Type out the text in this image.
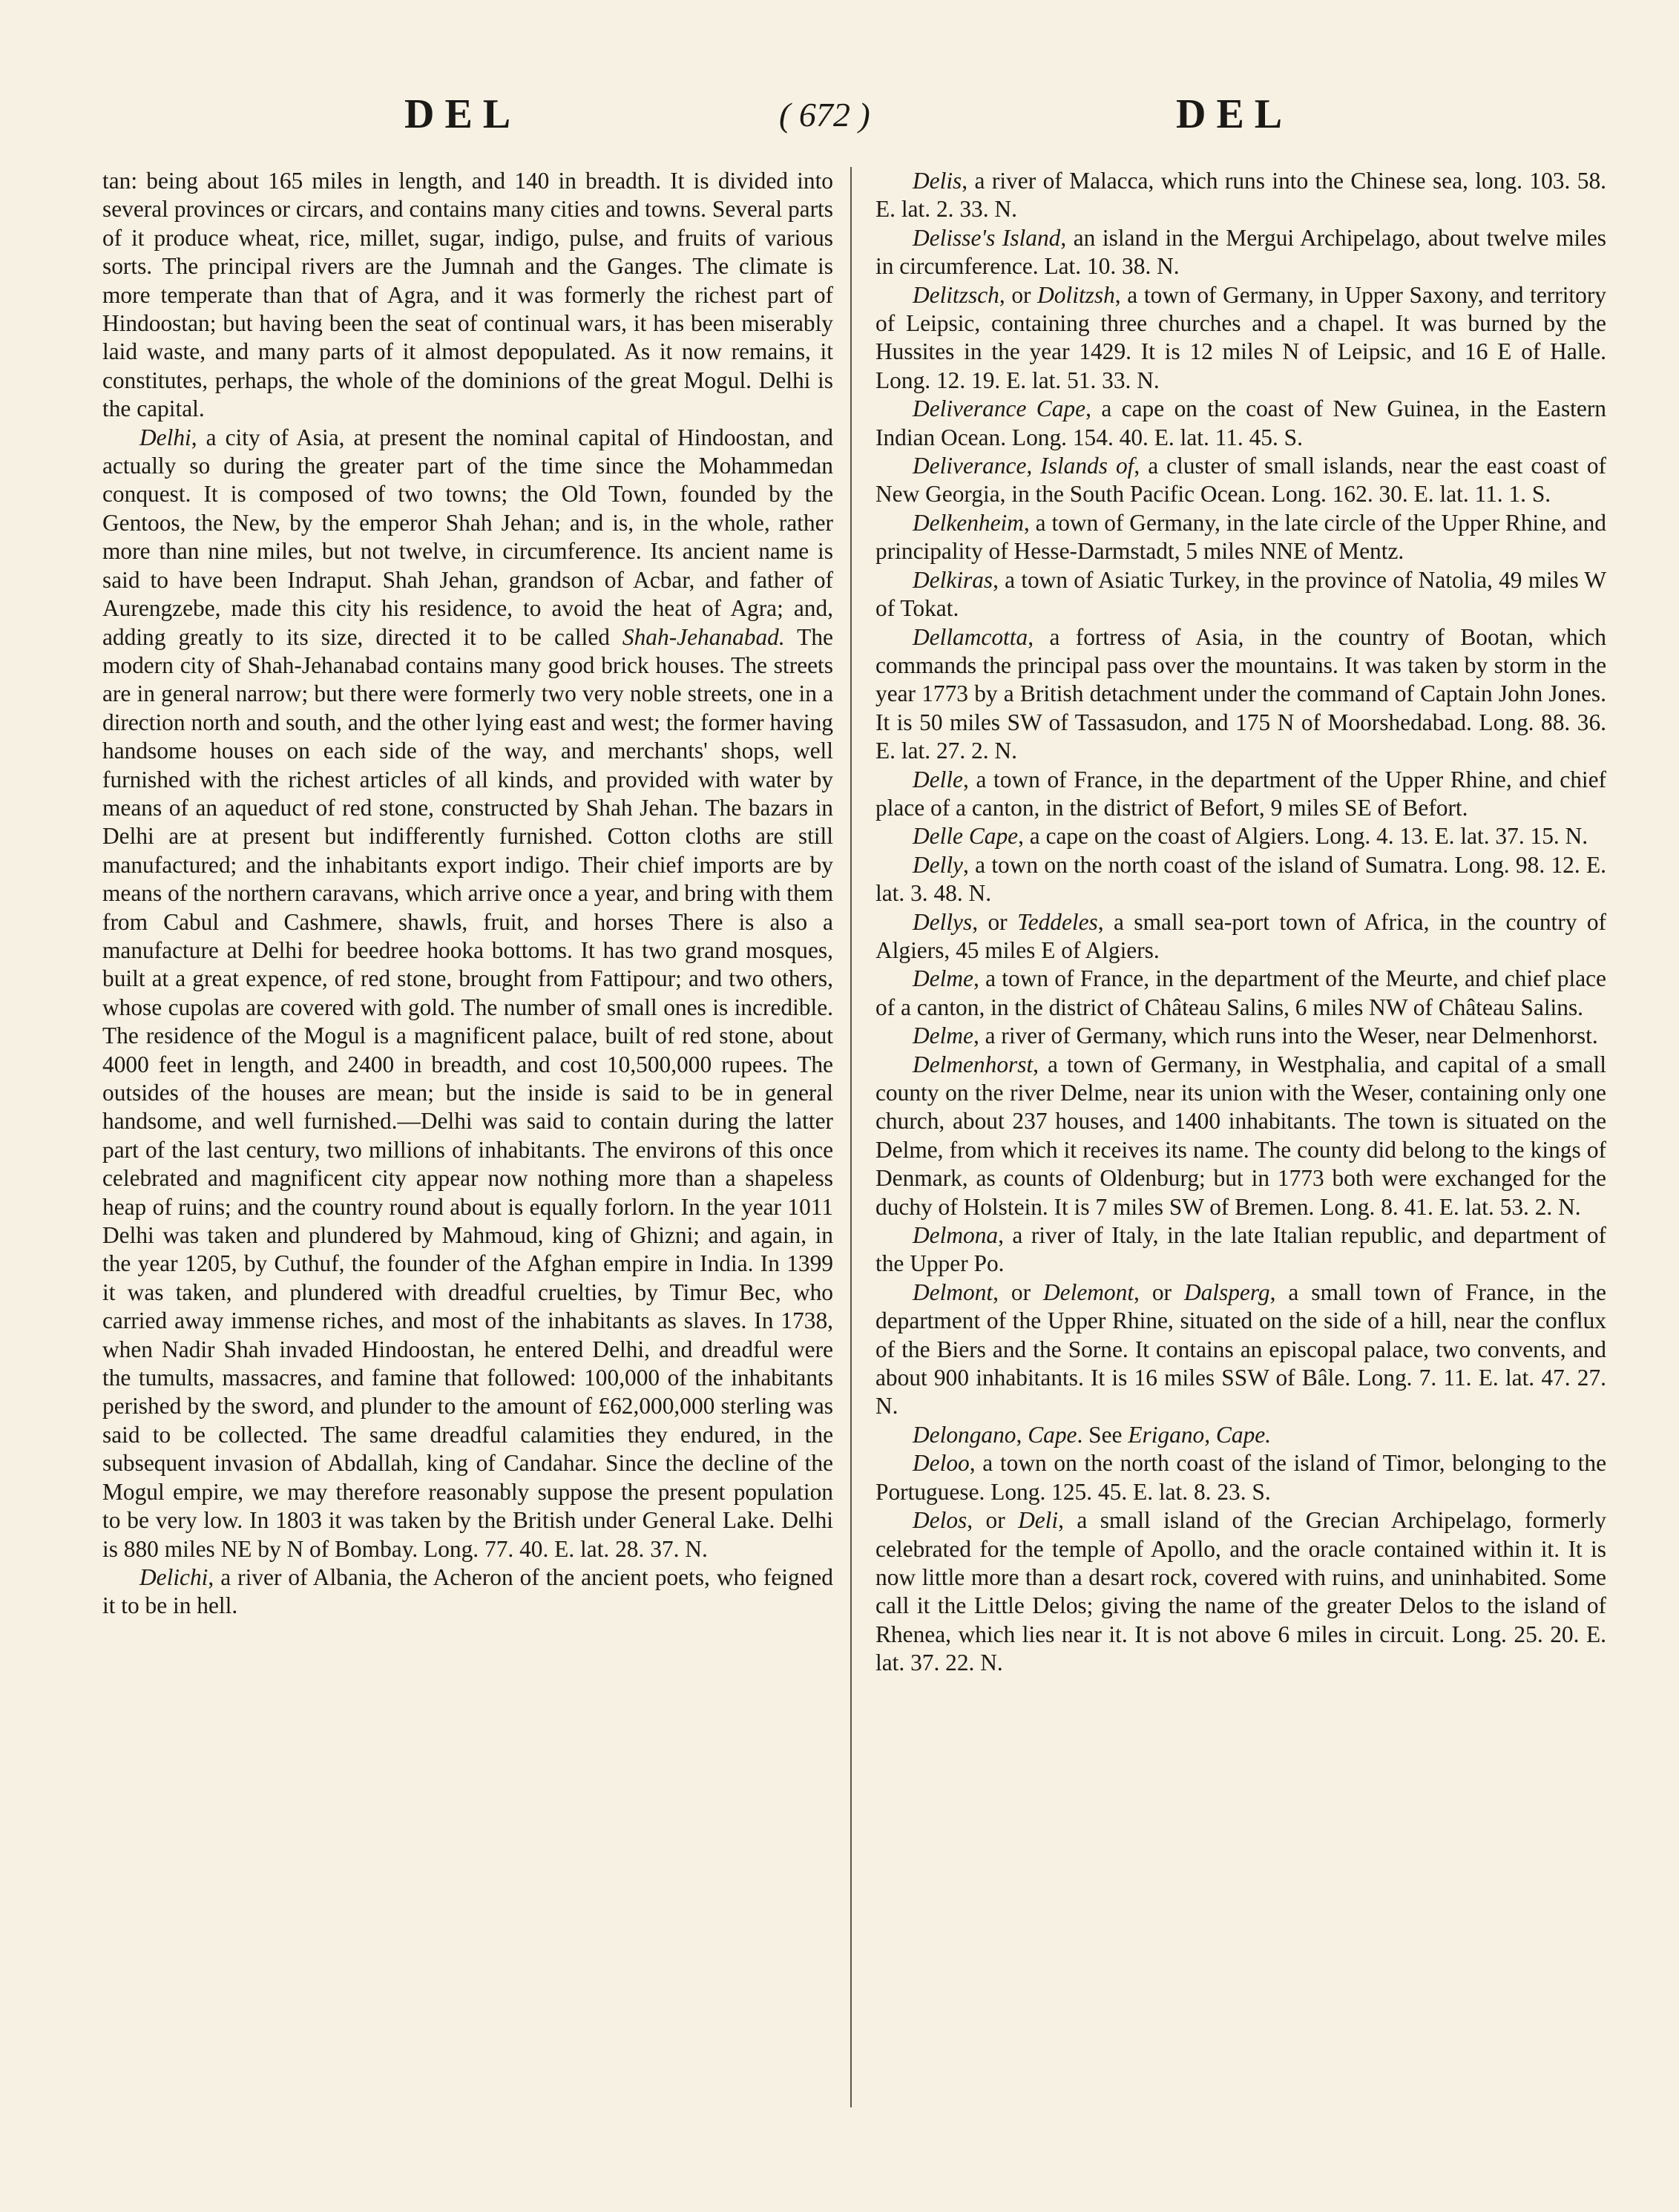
DEL	( 672 )	DEL

tan: being about 165 miles in length, and 140 in breadth. It is divided into several provinces or circars, and contains many cities and towns. Several parts of it produce wheat, rice, millet, sugar, indigo, pulse, and fruits of various sorts. The principal rivers are the Jumnah and the Ganges. The climate is more temperate than that of Agra, and it was formerly the richest part of Hindoostan; but having been the seat of continual wars, it has been miserably laid waste, and many parts of it almost depopulated. As it now remains, it constitutes, perhaps, the whole of the dominions of the great Mogul. Delhi is the capital.

Delhi, a city of Asia, at present the nominal capital of Hindoostan, and actually so during the greater part of the time since the Mohammedan conquest. It is composed of two towns; the Old Town, founded by the Gentoos, the New, by the emperor Shah Jehan; and is, in the whole, rather more than nine miles, but not twelve, in circumference. Its ancient name is said to have been Indraput. Shah Jehan, grandson of Acbar, and father of Aurengzebe, made this city his residence, to avoid the heat of Agra; and, adding greatly to its size, directed it to be called Shah-Jehanabad. The modern city of Shah-Jehanabad contains many good brick houses. The streets are in general narrow; but there were formerly two very noble streets, one in a direction north and south, and the other lying east and west; the former having handsome houses on each side of the way, and merchants' shops, well furnished with the richest articles of all kinds, and provided with water by means of an aqueduct of red stone, constructed by Shah Jehan. The bazars in Delhi are at present but indifferently furnished. Cotton cloths are still manufactured; and the inhabitants export indigo. Their chief imports are by means of the northern caravans, which arrive once a year, and bring with them from Cabul and Cashmere, shawls, fruit, and horses There is also a manufacture at Delhi for beedree hooka bottoms. It has two grand mosques, built at a great expence, of red stone, brought from Fattipour; and two others, whose cupolas are covered with gold. The number of small ones is incredible. The residence of the Mogul is a magnificent palace, built of red stone, about 4000 feet in length, and 2400 in breadth, and cost 10,500,000 rupees. The outsides of the houses are mean; but the inside is said to be in general handsome, and well furnished.—Delhi was said to contain during the latter part of the last century, two millions of inhabitants. The environs of this once celebrated and magnificent city appear now nothing more than a shapeless heap of ruins; and the country round about is equally forlorn. In the year 1011 Delhi was taken and plundered by Mahmoud, king of Ghizni; and again, in the year 1205, by Cuthuf, the founder of the Afghan empire in India. In 1399 it was taken, and plundered with dreadful cruelties, by Timur Bec, who carried away immense riches, and most of the inhabitants as slaves. In 1738, when Nadir Shah invaded Hindoostan, he entered Delhi, and dreadful were the tumults, massacres, and famine that followed: 100,000 of the inhabitants perished by the sword, and plunder to the amount of £62,000,000 sterling was said to be collected. The same dreadful calamities they endured, in the subsequent invasion of Abdallah, king of Candahar. Since the decline of the Mogul empire, we may therefore reasonably suppose the present population to be very low. In 1803 it was taken by the British under General Lake. Delhi is 880 miles NE by N of Bombay. Long. 77. 40. E. lat. 28. 37. N.

Delichi, a river of Albania, the Acheron of the ancient poets, who feigned it to be in hell.

Delis, a river of Malacca, which runs into the Chinese sea, long. 103. 58. E. lat. 2. 33. N.

Delisse's Island, an island in the Mergui Archipelago, about twelve miles in circumference. Lat. 10. 38. N.

Delitzsch, or Dolitzsh, a town of Germany, in Upper Saxony, and territory of Leipsic, containing three churches and a chapel. It was burned by the Hussites in the year 1429. It is 12 miles N of Leipsic, and 16 E of Halle. Long. 12. 19. E. lat. 51. 33. N.

Deliverance Cape, a cape on the coast of New Guinea, in the Eastern Indian Ocean. Long. 154. 40. E. lat. 11. 45. S.

Deliverance, Islands of, a cluster of small islands, near the east coast of New Georgia, in the South Pacific Ocean. Long. 162. 30. E. lat. 11. 1. S.

Delkenheim, a town of Germany, in the late circle of the Upper Rhine, and principality of Hesse-Darmstadt, 5 miles NNE of Mentz.

Delkiras, a town of Asiatic Turkey, in the province of Natolia, 49 miles W of Tokat.

Dellamcotta, a fortress of Asia, in the country of Bootan, which commands the principal pass over the mountains. It was taken by storm in the year 1773 by a British detachment under the command of Captain John Jones. It is 50 miles SW of Tassasudon, and 175 N of Moorshedabad. Long. 88. 36. E. lat. 27. 2. N.

Delle, a town of France, in the department of the Upper Rhine, and chief place of a canton, in the district of Befort, 9 miles SE of Befort.

Delle Cape, a cape on the coast of Algiers. Long. 4. 13. E. lat. 37. 15. N.

Delly, a town on the north coast of the island of Sumatra. Long. 98. 12. E. lat. 3. 48. N.

Dellys, or Teddeles, a small sea-port town of Africa, in the country of Algiers, 45 miles E of Algiers.

Delme, a town of France, in the department of the Meurte, and chief place of a canton, in the district of Château Salins, 6 miles NW of Château Salins.

Delme, a river of Germany, which runs into the Weser, near Delmenhorst.

Delmenhorst, a town of Germany, in Westphalia, and capital of a small county on the river Delme, near its union with the Weser, containing only one church, about 237 houses, and 1400 inhabitants. The town is situated on the Delme, from which it receives its name. The county did belong to the kings of Denmark, as counts of Oldenburg; but in 1773 both were exchanged for the duchy of Holstein. It is 7 miles SW of Bremen. Long. 8. 41. E. lat. 53. 2. N.

Delmona, a river of Italy, in the late Italian republic, and department of the Upper Po.

Delmont, or Delemont, or Dalsperg, a small town of France, in the department of the Upper Rhine, situated on the side of a hill, near the conflux of the Biers and the Sorne. It contains an episcopal palace, two convents, and about 900 inhabitants. It is 16 miles SSW of Bâle. Long. 7. 11. E. lat. 47. 27. N.

Delongano, Cape. See Erigano, Cape.

Deloo, a town on the north coast of the island of Timor, belonging to the Portuguese. Long. 125. 45. E. lat. 8. 23. S.

Delos, or Deli, a small island of the Grecian Archipelago, formerly celebrated for the temple of Apollo, and the oracle contained within it. It is now little more than a desart rock, covered with ruins, and uninhabited. Some call it the Little Delos; giving the name of the greater Delos to the island of Rhenea, which lies near it. It is not above 6 miles in circuit. Long. 25. 20. E. lat. 37. 22. N.
